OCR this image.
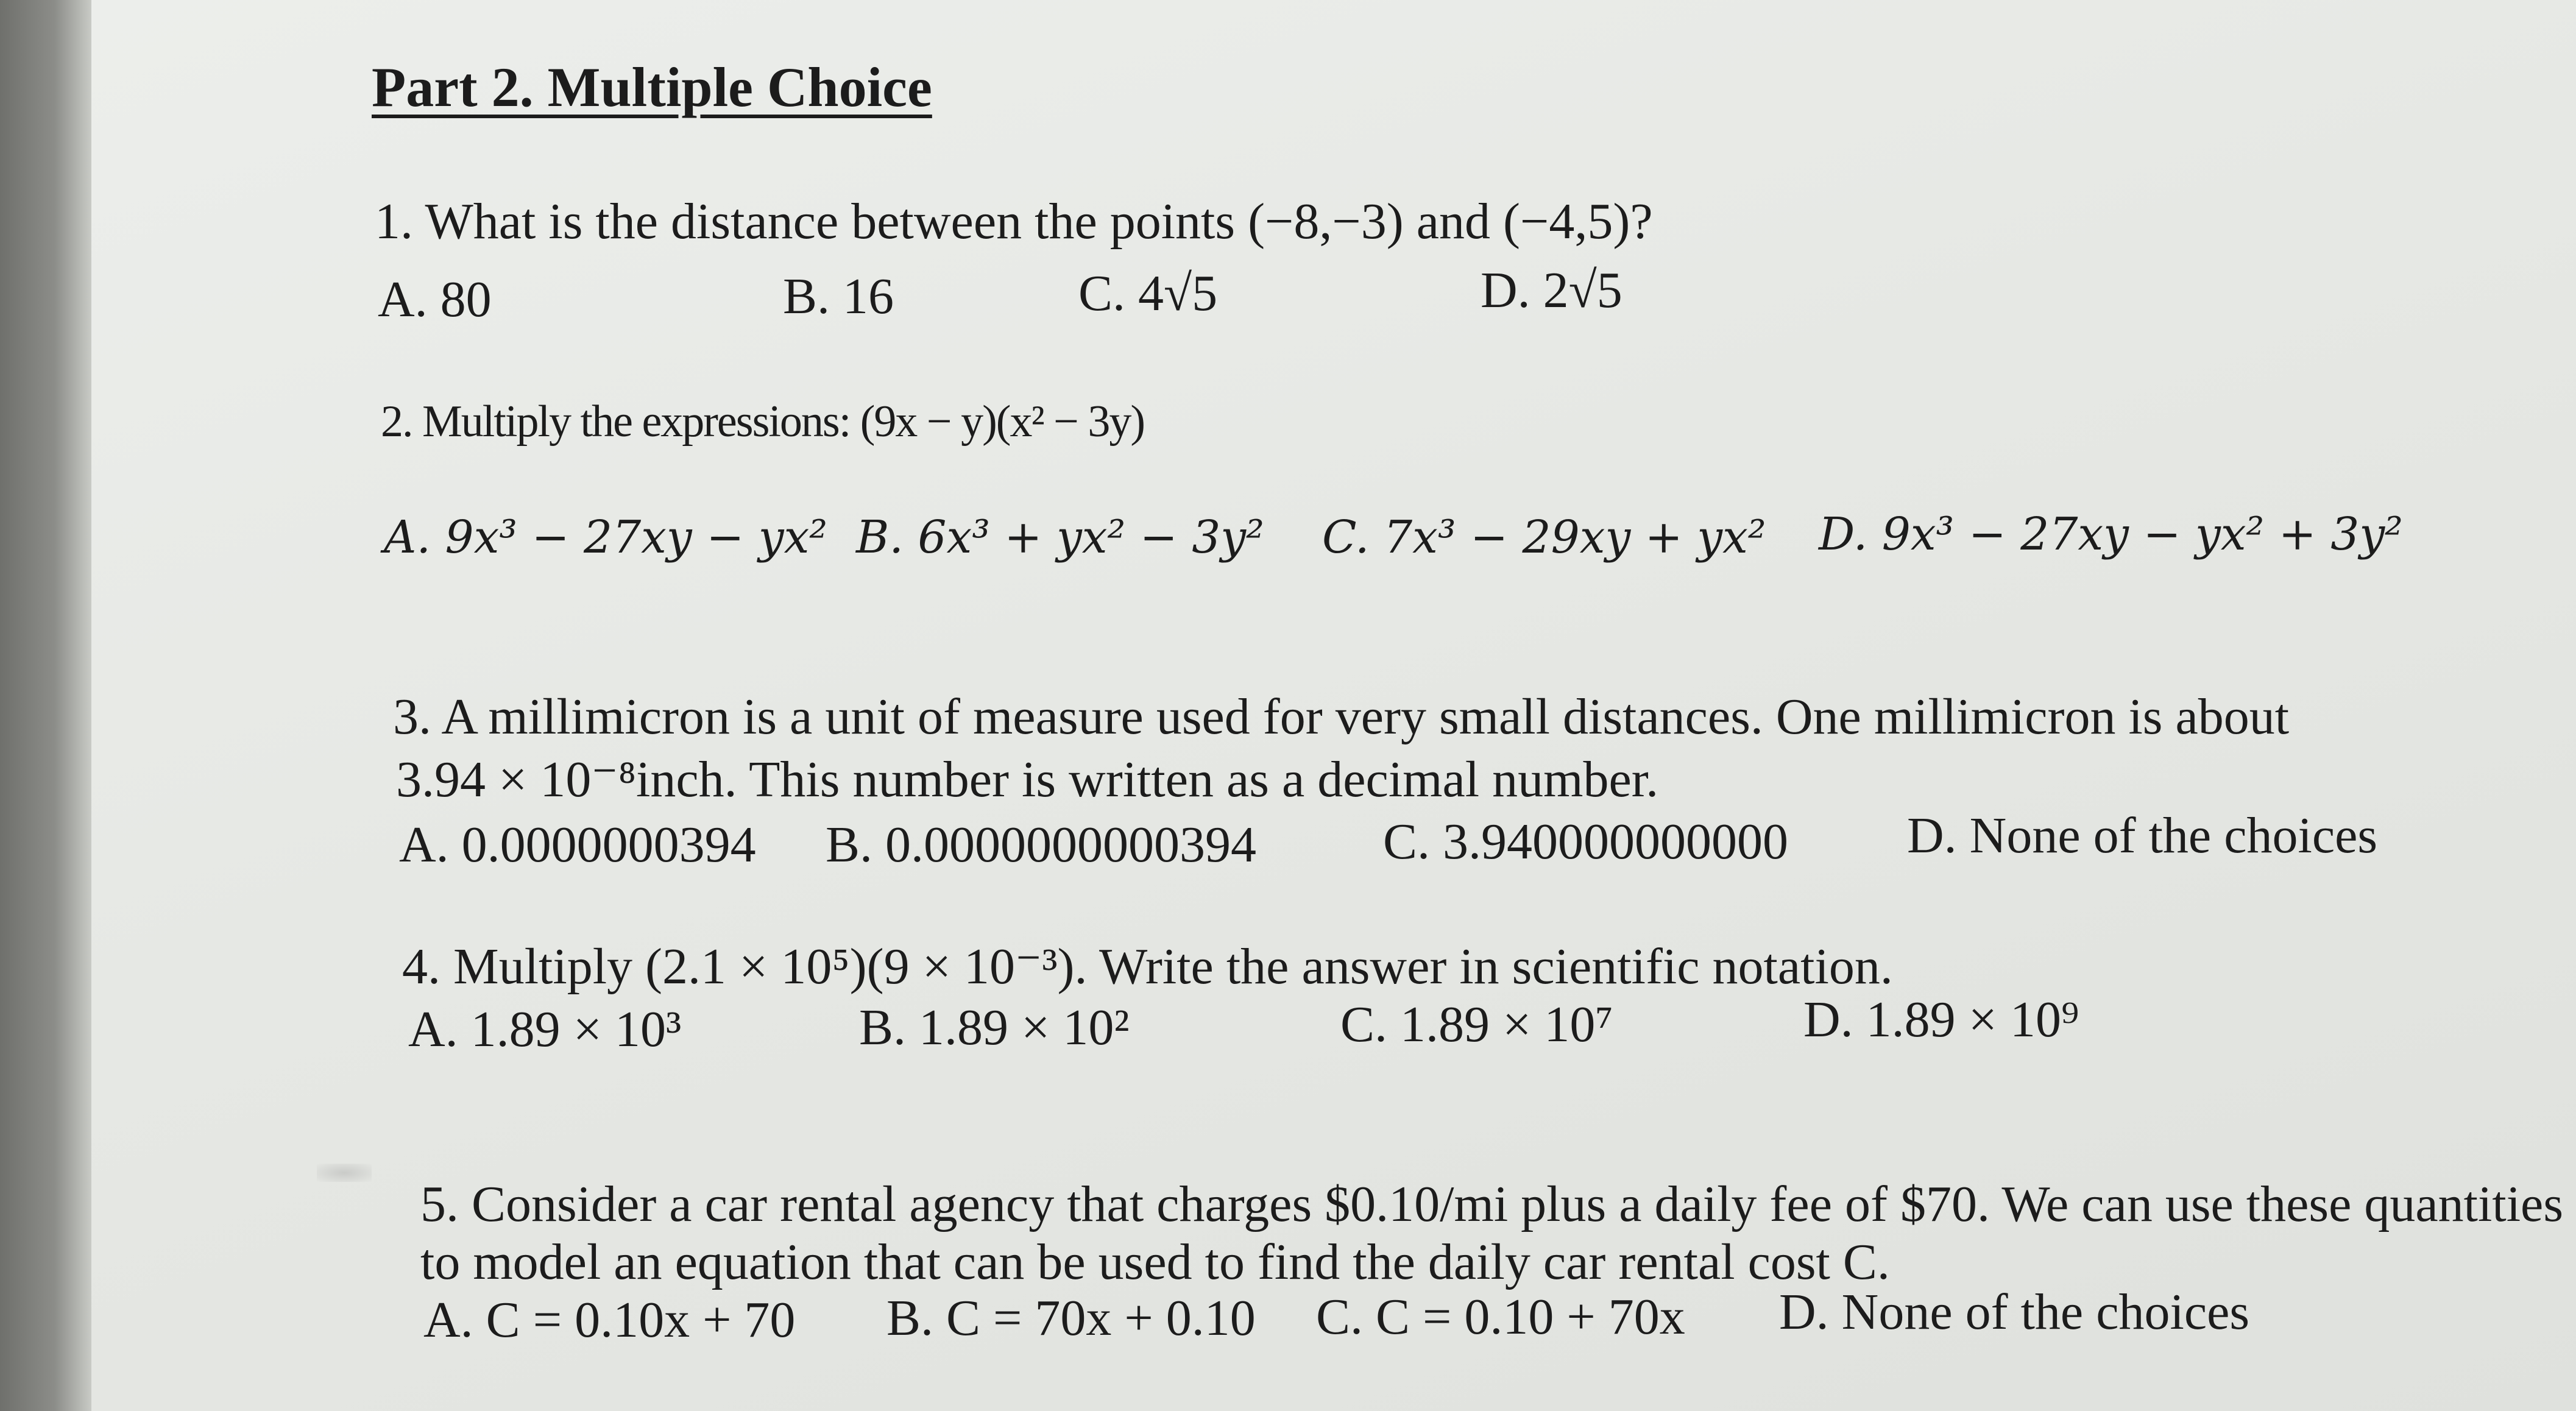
Part 2. Multiple Choice
1. What is the distance between the points (−8,−3) and (−4,5)?
A. 80	B. 16	C. 4√5	D. 2√5
2. Multiply the expressions: (9x − y)(x² − 3y)
A. 9x³ − 27xy − yx² B. 6x³ + yx² − 3y² C. 7x³ − 29xy + yx² D. 9x³ − 27xy − yx² + 3y²
3. A millimicron is a unit of measure used for very small distances. One millimicron is about
3.94 × 10⁻⁸inch. This number is written as a decimal number.
A. 0.0000000394 B. 0.0000000000394 C. 3.940000000000 D. None of the choices
4. Multiply (2.1 × 10⁵)(9 × 10⁻³). Write the answer in scientific notation.
A. 1.89 × 10³	B. 1.89 × 10²	C. 1.89 × 10⁷	D. 1.89 × 10⁹
5. Consider a car rental agency that charges $0.10/mi plus a daily fee of $70. We can use these quantities
to model an equation that can be used to find the daily car rental cost C.
A. C = 0.10x + 70 B. C = 70x + 0.10 C. C = 0.10 + 70x D. None of the choices
